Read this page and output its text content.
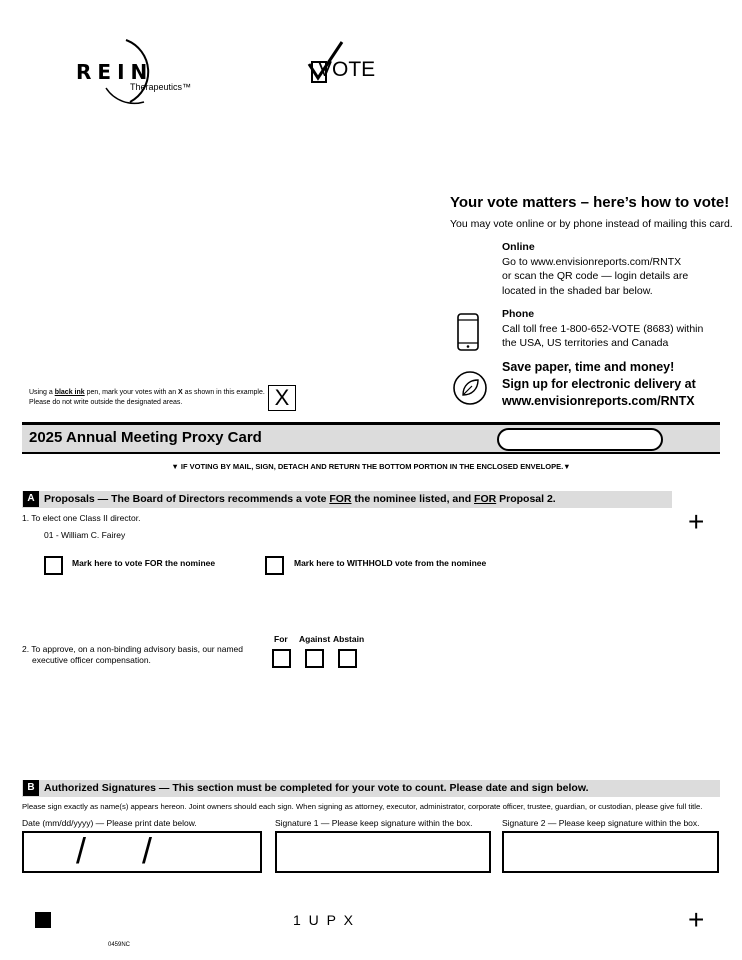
REIN
Therapeutics™
VOTE
Your vote matters – here’s how to vote!
You may vote online or by phone instead of mailing this card.
Online
Go to www.envisionreports.com/RNTX
or scan the QR code — login details are
located in the shaded bar below.
Phone
Call toll free 1-800-652-VOTE (8683) within
the USA, US territories and Canada
Save paper, time and money!
Sign up for electronic delivery at
www.envisionreports.com/RNTX
Using a black ink pen, mark your votes with an X as shown in this example.
Please do not write outside the designated areas.	X
2025 Annual Meeting Proxy Card
▼ IF VOTING BY MAIL, SIGN, DETACH AND RETURN THE BOTTOM PORTION IN THE ENCLOSED ENVELOPE.▼
A Proposals — The Board of Directors recommends a vote FOR the nominee listed, and FOR Proposal 2.
1. To elect one Class II director.
01 - William C. Fairey	+
Mark here to vote FOR the nominee	Mark here to WITHHOLD vote from the nominee
For Against Abstain
2. To approve, on a non-binding advisory basis, our named
executive officer compensation.
B Authorized Signatures — This section must be completed for your vote to count. Please date and sign below.
Please sign exactly as name(s) appears hereon. Joint owners should each sign. When signing as attorney, executor, administrator, corporate officer, trustee, guardian, or custodian, please give full title.
Date (mm/dd/yyyy) — Please print date below.	Signature 1 — Please keep signature within the box.	Signature 2 — Please keep signature within the box.
/ /
1 U P X	+
0459NC
